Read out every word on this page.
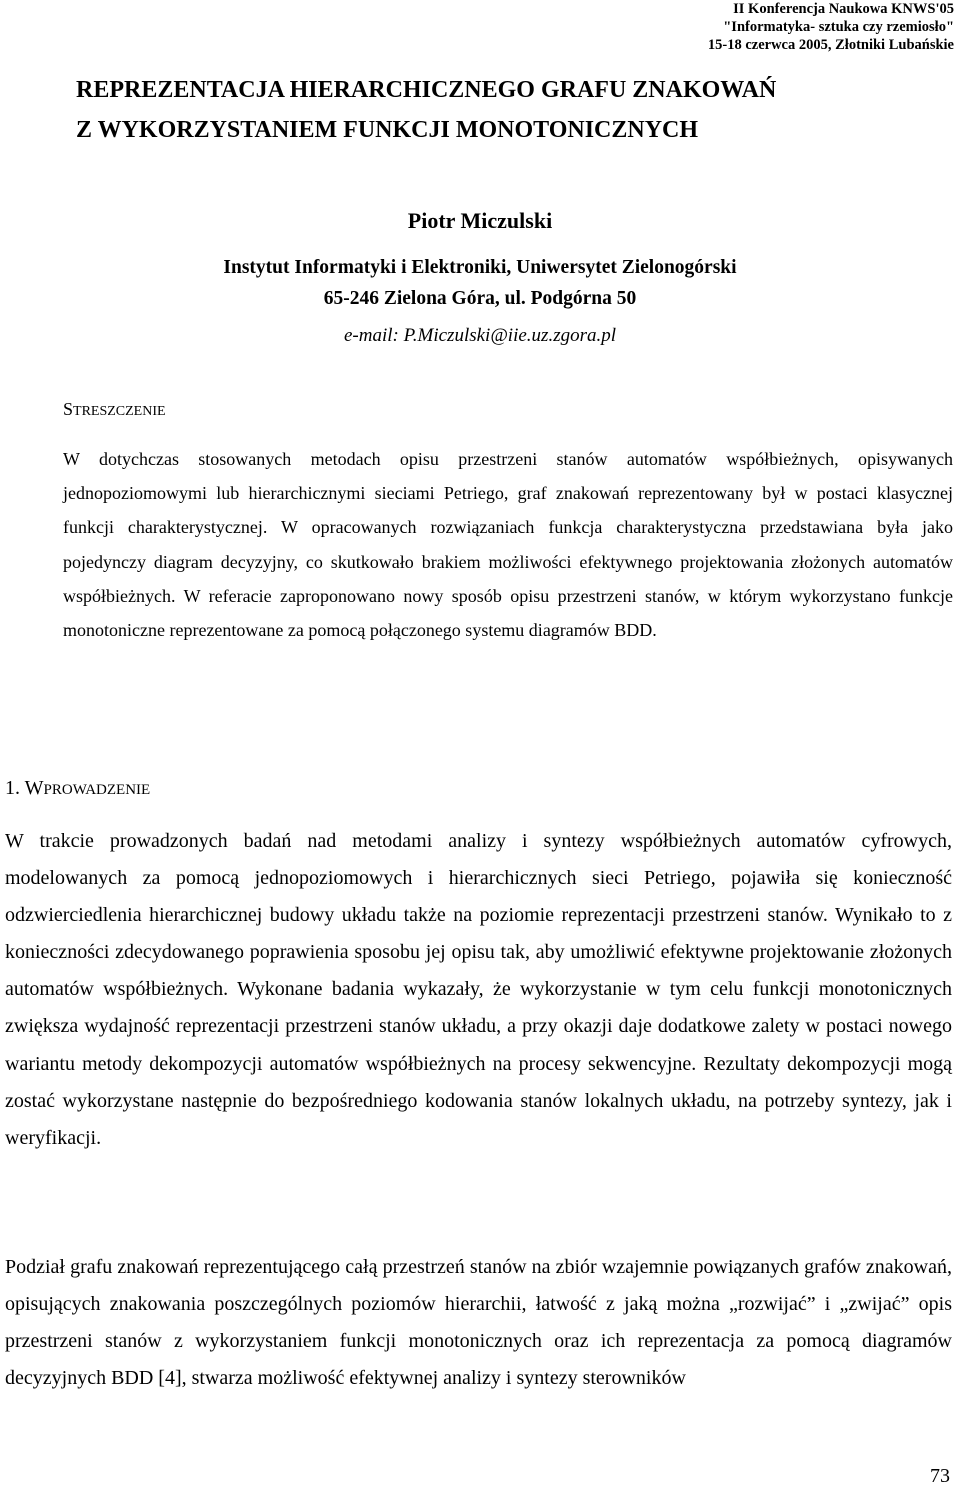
II Konferencja Naukowa KNWS'05
"Informatyka- sztuka czy rzemiosło"
15-18 czerwca 2005, Złotniki Lubańskie
REPREZENTACJA HIERARCHICZNEGO GRAFU ZNAKOWAŃ
Z WYKORZYSTANIEM FUNKCJI MONOTONICZNYCH
Piotr Miczulski
Instytut Informatyki i Elektroniki, Uniwersytet Zielonogórski
65-246 Zielona Góra, ul. Podgórna 50
e-mail: P.Miczulski@iie.uz.zgora.pl
STRESZCZENIE

W dotychczas stosowanych metodach opisu przestrzeni stanów automatów współbieżnych, opisywanych jednopoziomowymi lub hierarchicznymi sieciami Petriego, graf znakowań reprezentowany był w postaci klasycznej funkcji charakterystycznej. W opracowanych rozwiązaniach funkcja charakterystyczna przedstawiana była jako pojedynczy diagram decyzyjny, co skutkowało brakiem możliwości efektywnego projektowania złożonych automatów współbieżnych. W referacie zaproponowano nowy sposób opisu przestrzeni stanów, w którym wykorzystano funkcje monotoniczne reprezentowane za pomocą połączonego systemu diagramów BDD.

1. WPROWADZENIE

W trakcie prowadzonych badań nad metodami analizy i syntezy współbieżnych automatów cyfrowych, modelowanych za pomocą jednopoziomowych i hierarchicznych sieci Petriego, pojawiła się konieczność odzwierciedlenia hierarchicznej budowy układu także na poziomie reprezentacji przestrzeni stanów. Wynikało to z konieczności zdecydowanego poprawienia sposobu jej opisu tak, aby umożliwić efektywne projektowanie złożonych automatów współbieżnych. Wykonane badania wykazały, że wykorzystanie w tym celu funkcji monotonicznych zwiększa wydajność reprezentacji przestrzeni stanów układu, a przy okazji daje dodatkowe zalety w postaci nowego wariantu metody dekompozycji automatów współbieżnych na procesy sekwencyjne. Rezultaty dekompozycji mogą zostać wykorzystane następnie do bezpośredniego kodowania stanów lokalnych układu, na potrzeby syntezy, jak i weryfikacji.

Podział grafu znakowań reprezentującego całą przestrzeń stanów na zbiór wzajemnie powiązanych grafów znakowań, opisujących znakowania poszczególnych poziomów hierarchii, łatwość z jaką można „rozwijać” i „zwijać” opis przestrzeni stanów z wykorzystaniem funkcji monotonicznych oraz ich reprezentacja za pomocą diagramów decyzyjnych BDD [4], stwarza możliwość efektywnej analizy i syntezy sterowników

73
